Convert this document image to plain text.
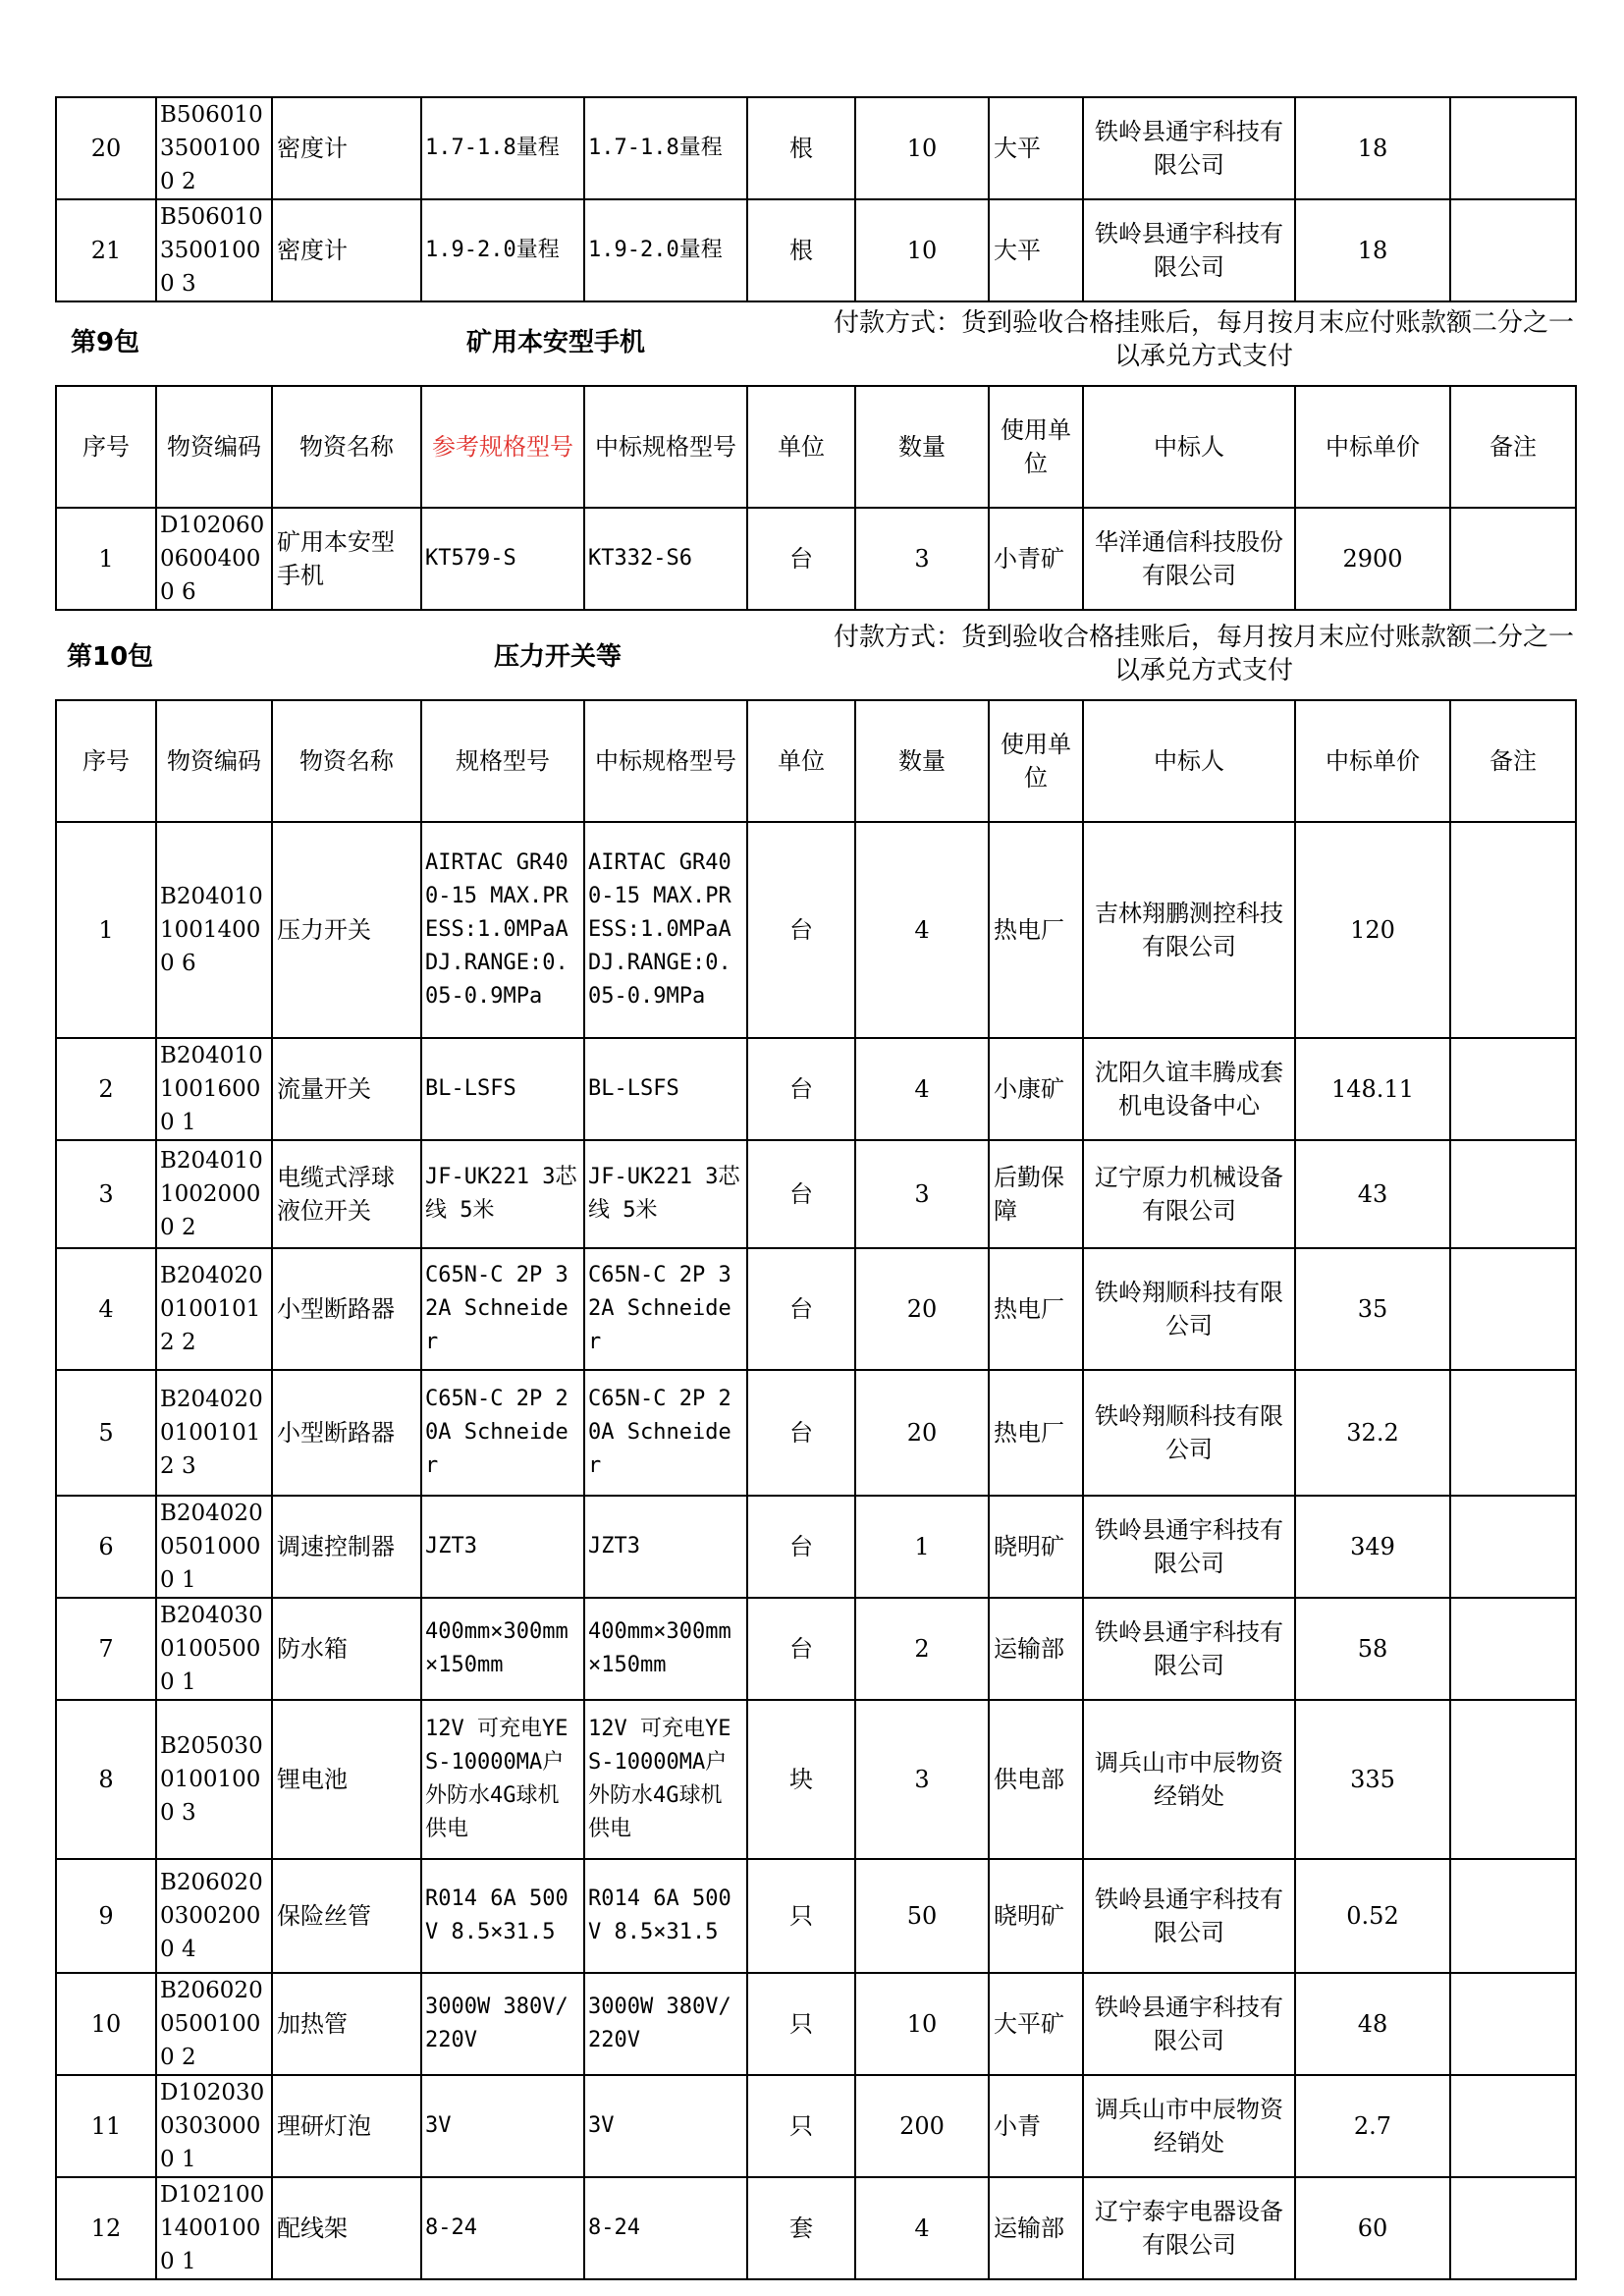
20	B50601035001000 2	密度计	1.7-1.8量程	1.7-1.8量程	根	10	大平	铁岭县通宇科技有限公司	18	
21	B50601035001000 3	密度计	1.9-2.0量程	1.9-2.0量程	根	10	大平	铁岭县通宇科技有限公司	18	
第9包	矿用本安型手机
付款方式：货到验收合格挂账后，每月按月末应付账款额二分之一以承兑方式支付
序号	物资编码	物资名称	参考规格型号	中标规格型号	单位	数量	使用单位	中标人	中标单价	备注
1	D10206006004000 6	矿用本安型手机	KT579-S	KT332-S6	台	3	小青矿	华洋通信科技股份有限公司	2900	
第10包	压力开关等
付款方式：货到验收合格挂账后，每月按月末应付账款额二分之一以承兑方式支付
序号	物资编码	物资名称	规格型号	中标规格型号	单位	数量	使用单位	中标人	中标单价	备注
1	B20401010014000 6	压力开关	AIRTAC GR400-15 MAX.PRESS:1.0MPaADJ.RANGE:0.05-0.9MPa	AIRTAC GR400-15 MAX.PRESS:1.0MPaADJ.RANGE:0.05-0.9MPa	台	4	热电厂	吉林翔鹏测控科技有限公司	120	
2	B20401010016000 1	流量开关	BL-LSFS	BL-LSFS	台	4	小康矿	沈阳久谊丰腾成套机电设备中心	148.11	
3	B20401010020000 2	电缆式浮球液位开关	JF-UK221 3芯线 5米	JF-UK221 3芯线 5米	台	3	后勤保障	辽宁原力机械设备有限公司	43	
4	B20402001001012 2	小型断路器	C65N-C 2P 32A Schneider	C65N-C 2P 32A Schneider	台	20	热电厂	铁岭翔顺科技有限公司	35	
5	B20402001001012 3	小型断路器	C65N-C 2P 20A Schneider	C65N-C 2P 20A Schneider	台	20	热电厂	铁岭翔顺科技有限公司	32.2	
6	B20402005010000 1	调速控制器	JZT3	JZT3	台	1	晓明矿	铁岭县通宇科技有限公司	349	
7	B20403001005000 1	防水箱	400mm×300mm×150mm	400mm×300mm×150mm	台	2	运输部	铁岭县通宇科技有限公司	58	
8	B20503001001000 3	锂电池	12V 可充电YES-10000MA户外防水4G球机供电	12V 可充电YES-10000MA户外防水4G球机供电	块	3	供电部	调兵山市中辰物资经销处	335	
9	B20602003002000 4	保险丝管	R014 6A 500V 8.5×31.5	R014 6A 500V 8.5×31.5	只	50	晓明矿	铁岭县通宇科技有限公司	0.52	
10	B20602005001000 2	加热管	3000W 380V/220V	3000W 380V/220V	只	10	大平矿	铁岭县通宇科技有限公司	48	
11	D10203003030000 1	理研灯泡	3V	3V	只	200	小青	调兵山市中辰物资经销处	2.7	
12	D10210014001000 1	配线架	8-24	8-24	套	4	运输部	辽宁泰宇电器设备有限公司	60	
